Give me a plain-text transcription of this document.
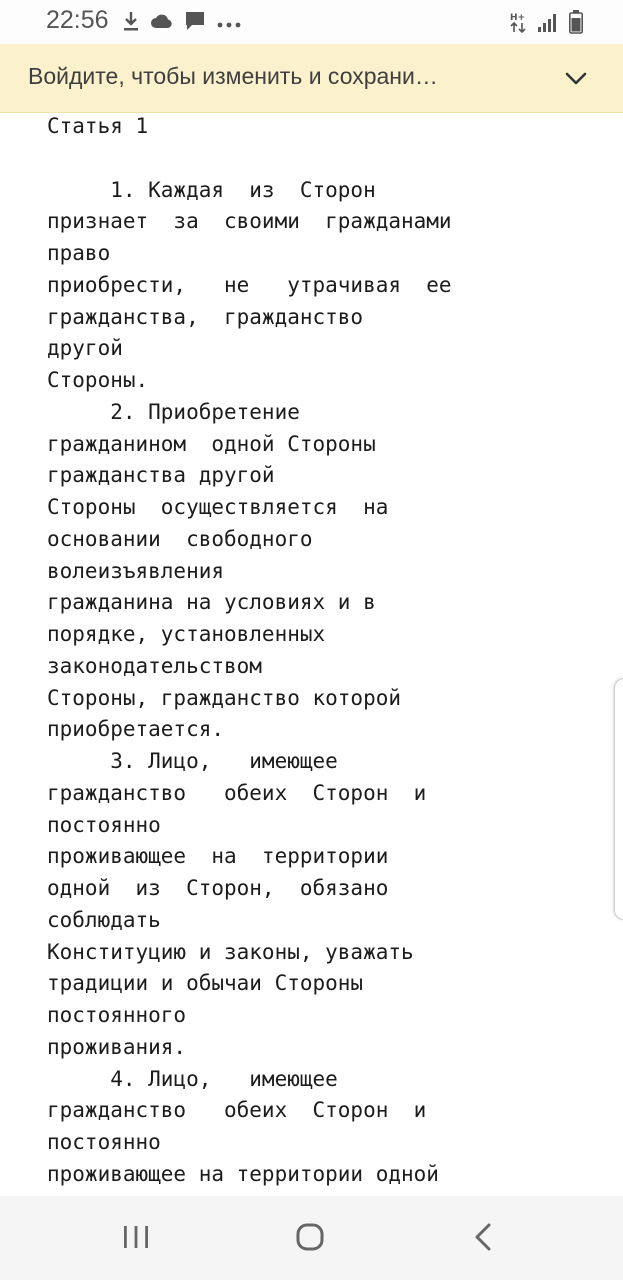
22:56	H+
Войдите, чтобы изменить и сохрани…
Статья 1
1. Каждая  из  Сторон
признает  за  своими  гражданами
право
приобрести,   не   утрачивая  ее
гражданства,  гражданство
другой
Стороны.
2. Приобретение
гражданином  одной Стороны
гражданства другой
Стороны  осуществляется  на
основании  свободного
волеизъявления
гражданина на условиях и в
порядке, установленных
законодательством
Стороны, гражданство которой
приобретается.
3. Лицо,   имеющее
гражданство   обеих  Сторон  и
постоянно
проживающее  на  территории
одной  из  Сторон,  обязано
соблюдать
Конституцию и законы, уважать
традиции и обычаи Стороны
постоянного
проживания.
4. Лицо,   имеющее
гражданство   обеих  Сторон  и
постоянно
проживающее на территории одной
